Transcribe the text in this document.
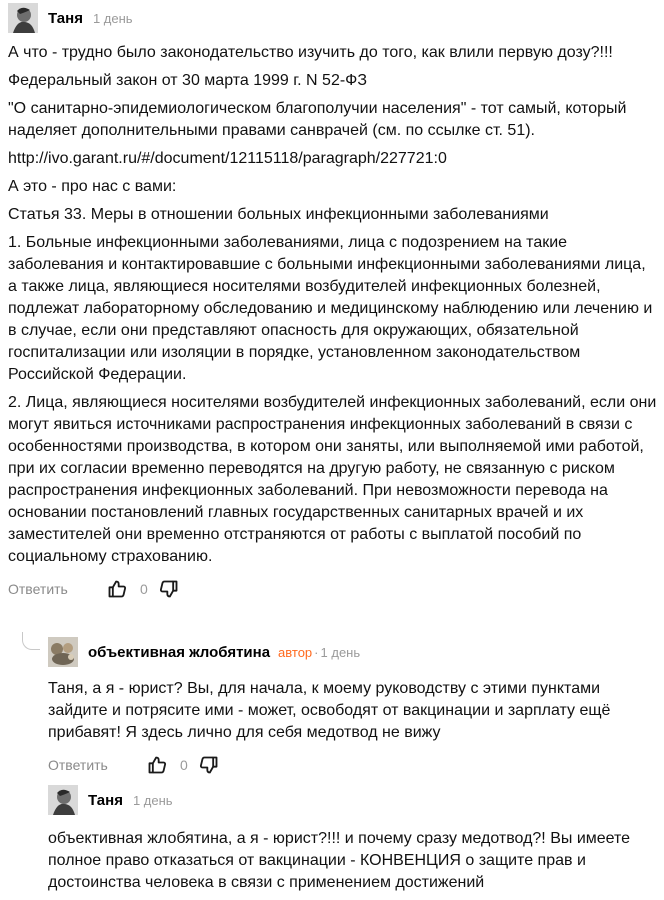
Таня 1 день

А что - трудно было законодательство изучить до того, как влили первую дозу?!!!

Федеральный закон от 30 марта 1999 г. N 52-ФЗ

"О санитарно-эпидемиологическом благополучии населения" - тот самый, который наделяет дополнительными правами санврачей (см. по ссылке ст. 51).

http://ivo.garant.ru/#/document/12115118/paragraph/227721:0

А это - про нас с вами:

Статья 33. Меры в отношении больных инфекционными заболеваниями

1. Больные инфекционными заболеваниями, лица с подозрением на такие заболевания и контактировавшие с больными инфекционными заболеваниями лица, а также лица, являющиеся носителями возбудителей инфекционных болезней, подлежат лабораторному обследованию и медицинскому наблюдению или лечению и в случае, если они представляют опасность для окружающих, обязательной госпитализации или изоляции в порядке, установленном законодательством Российской Федерации.

2. Лица, являющиеся носителями возбудителей инфекционных заболеваний, если они могут явиться источниками распространения инфекционных заболеваний в связи с особенностями производства, в котором они заняты, или выполняемой ими работой, при их согласии временно переводятся на другую работу, не связанную с риском распространения инфекционных заболеваний. При невозможности перевода на основании постановлений главных государственных санитарных врачей и их заместителей они временно отстраняются от работы с выплатой пособий по социальному страхованию.

Ответить	0
объективная жлобятина автор · 1 день

Таня, а я - юрист? Вы, для начала, к моему руководству с этими пунктами зайдите и потрясите ими - может, освободят от вакцинации и зарплату ещё прибавят! Я здесь лично для себя медотвод не вижу

Ответить	0
Таня 1 день

объективная жлобятина, а я - юрист?!!! и почему сразу медотвод?! Вы имеете полное право отказаться от вакцинации - КОНВЕНЦИЯ о защите прав и достоинства человека в связи с применением достижений
